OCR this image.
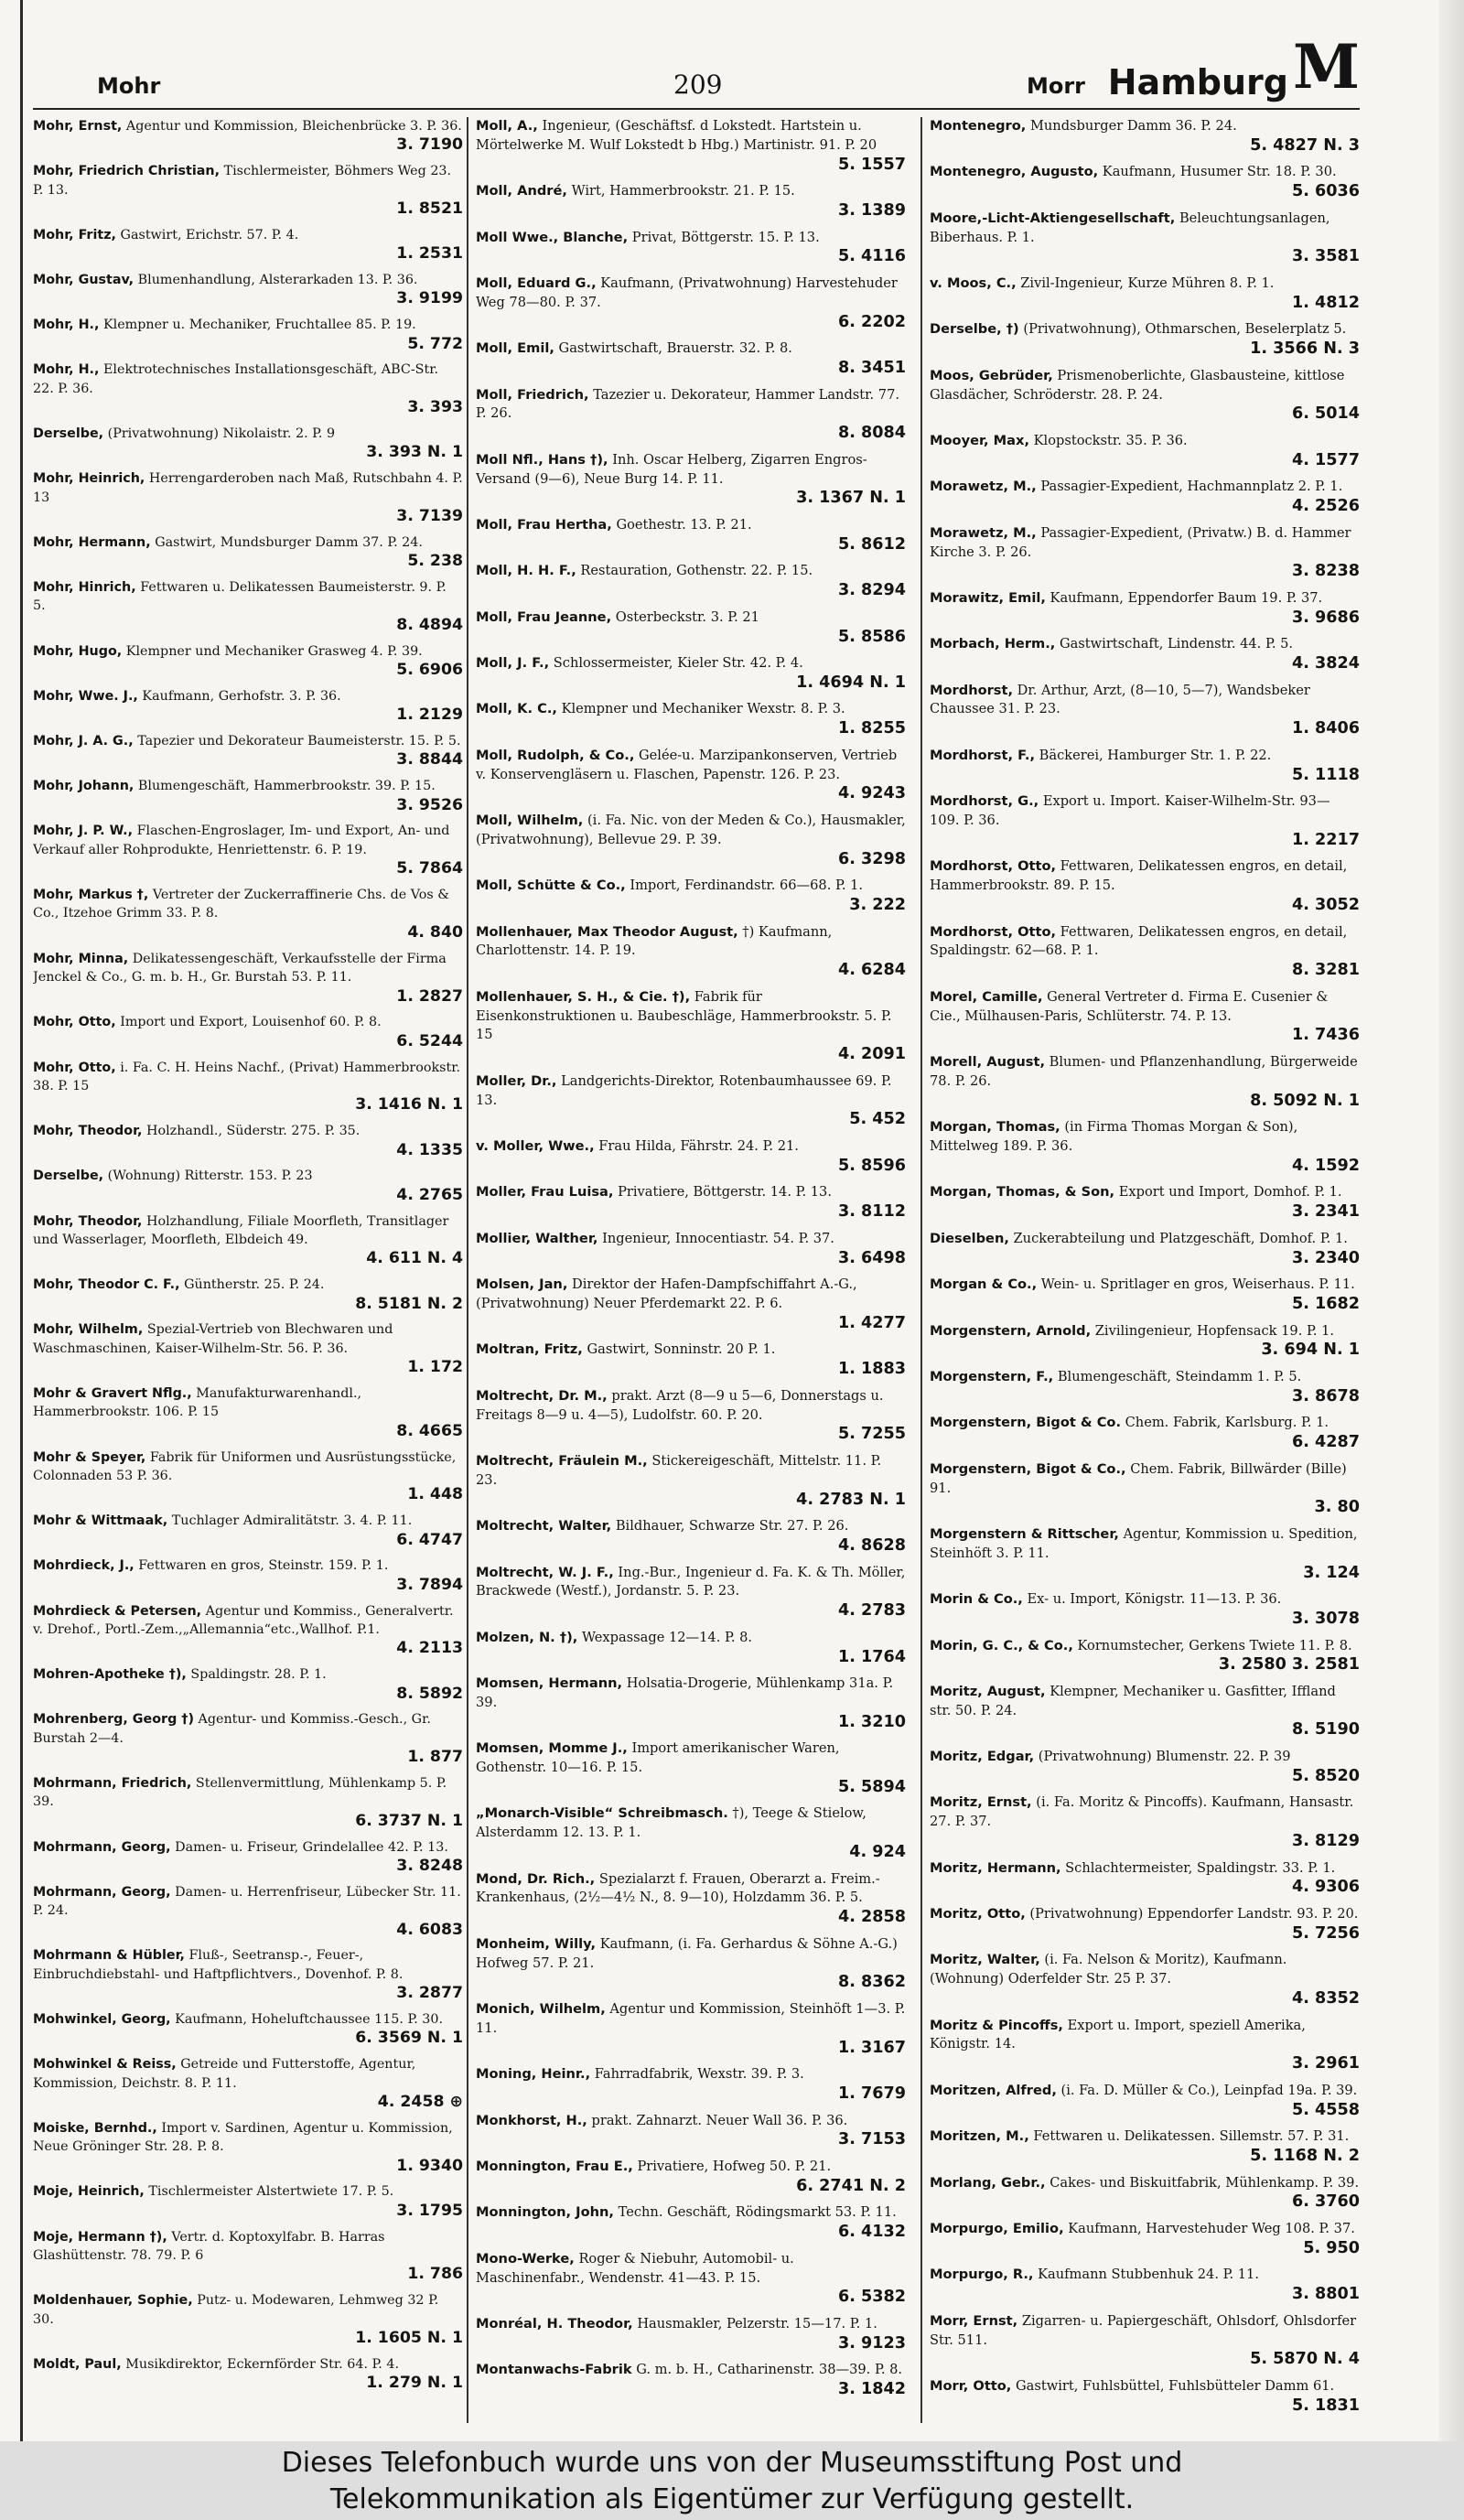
Mohr	209	Morr Hamburg M
Mohr, Ernst, Agentur und Kommission, Bleichenbrücke 3. P. 36.
3. 7190
Mohr, Friedrich Christian, Tischlermeister, Böhmers Weg 23. P. 13.
1. 8521
Mohr, Fritz, Gastwirt, Erichstr. 57. P. 4.
1. 2531
Mohr, Gustav, Blumenhandlung, Alsterarkaden 13. P. 36.
3. 9199
Mohr, H., Klempner u. Mechaniker, Fruchtallee 85. P. 19.
5. 772
Mohr, H., Elektrotechnisches Installationsgeschäft, ABC-Str. 22. P. 36.
3. 393
Derselbe, (Privatwohnung) Nikolaistr. 2. P. 9
3. 393 N. 1
Mohr, Heinrich, Herrengarderoben nach Maß, Rutschbahn 4. P. 13
3. 7139
Mohr, Hermann, Gastwirt, Mundsburger Damm 37. P. 24.
5. 238
Mohr, Hinrich, Fettwaren u. Delikatessen Baumeisterstr. 9. P. 5.
8. 4894
Mohr, Hugo, Klempner und Mechaniker Grasweg 4. P. 39.
5. 6906
Mohr, Wwe. J., Kaufmann, Gerhofstr. 3. P. 36.
1. 2129
Mohr, J. A. G., Tapezier und Dekorateur Baumeisterstr. 15. P. 5.
3. 8844
Mohr, Johann, Blumengeschäft, Hammerbrookstr. 39. P. 15.
3. 9526
Mohr, J. P. W., Flaschen-Engroslager, Im- und Export, An- und Verkauf aller Rohprodukte, Henriettenstr. 6. P. 19.
5. 7864
Mohr, Markus †, Vertreter der Zuckerraffinerie Chs. de Vos & Co., Itzehoe Grimm 33. P. 8.
4. 840
Mohr, Minna, Delikatessengeschäft, Verkaufsstelle der Firma Jenckel & Co., G. m. b. H., Gr. Burstah 53. P. 11.
1. 2827
Mohr, Otto, Import und Export, Louisenhof 60. P. 8.
6. 5244
Mohr, Otto, i. Fa. C. H. Heins Nachf., (Privat) Hammerbrookstr. 38. P. 15
3. 1416 N. 1
Mohr, Theodor, Holzhandl., Süderstr. 275. P. 35.
4. 1335
Derselbe, (Wohnung) Ritterstr. 153. P. 23
4. 2765
Mohr, Theodor, Holzhandlung, Filiale Moorfleth, Transitlager und Wasserlager, Moorfleth, Elbdeich 49.
4. 611 N. 4
Mohr, Theodor C. F., Güntherstr. 25. P. 24.
8. 5181 N. 2
Mohr, Wilhelm, Spezial-Vertrieb von Blechwaren und Waschmaschinen, Kaiser-Wilhelm-Str. 56. P. 36.
1. 172
Mohr & Gravert Nflg., Manufakturwarenhandl., Hammerbrookstr. 106. P. 15
8. 4665
Mohr & Speyer, Fabrik für Uniformen und Ausrüstungsstücke, Colonnaden 53 P. 36.
1. 448
Mohr & Wittmaak, Tuchlager Admiralitätstr. 3. 4. P. 11.
6. 4747
Mohrdieck, J., Fettwaren en gros, Steinstr. 159. P. 1.
3. 7894
Mohrdieck & Petersen, Agentur und Kommiss., Generalvertr. v. Drehof., Portl.-Zem.,„Allemannia“etc.,Wallhof. P.1.
4. 2113
Mohren-Apotheke †), Spaldingstr. 28. P. 1.
8. 5892
Mohrenberg, Georg †) Agentur- und Kommiss.-Gesch., Gr. Burstah 2—4.
1. 877
Mohrmann, Friedrich, Stellenvermittlung, Mühlenkamp 5. P. 39.
6. 3737 N. 1
Mohrmann, Georg, Damen- u. Friseur, Grindelallee 42. P. 13.
3. 8248
Mohrmann, Georg, Damen- u. Herrenfriseur, Lübecker Str. 11. P. 24.
4. 6083
Mohrmann & Hübler, Fluß-, Seetransp.-, Feuer-, Einbruchdiebstahl- und Haftpflichtvers., Dovenhof. P. 8.
3. 2877
Mohwinkel, Georg, Kaufmann, Hoheluftchaussee 115. P. 30.
6. 3569 N. 1
Mohwinkel & Reiss, Getreide und Futterstoffe, Agentur, Kommission, Deichstr. 8. P. 11.
4. 2458 ⊕
Moiske, Bernhd., Import v. Sardinen, Agentur u. Kommission, Neue Gröninger Str. 28. P. 8.
1. 9340
Moje, Heinrich, Tischlermeister Alstertwiete 17. P. 5.
3. 1795
Moje, Hermann †), Vertr. d. Koptoxylfabr. B. Harras Glashüttenstr. 78. 79. P. 6
1. 786
Moldenhauer, Sophie, Putz- u. Modewaren, Lehmweg 32 P. 30.
1. 1605 N. 1
Moldt, Paul, Musikdirektor, Eckernförder Str. 64. P. 4.
1. 279 N. 1
Moll, A., Ingenieur, (Geschäftsf. d Lokstedt. Hartstein u. Mörtelwerke M. Wulf Lokstedt b Hbg.) Martinistr. 91. P. 20
5. 1557
Moll, André, Wirt, Hammerbrookstr. 21. P. 15.
3. 1389
Moll Wwe., Blanche, Privat, Böttgerstr. 15. P. 13.
5. 4116
Moll, Eduard G., Kaufmann, (Privatwohnung) Harvestehuder Weg 78—80. P. 37.
6. 2202
Moll, Emil, Gastwirtschaft, Brauerstr. 32. P. 8.
8. 3451
Moll, Friedrich, Tazezier u. Dekorateur, Hammer Landstr. 77. P. 26.
8. 8084
Moll Nfl., Hans †), Inh. Oscar Helberg, Zigarren Engros-Versand (9—6), Neue Burg 14. P. 11.
3. 1367 N. 1
Moll, Frau Hertha, Goethestr. 13. P. 21.
5. 8612
Moll, H. H. F., Restauration, Gothenstr. 22. P. 15.
3. 8294
Moll, Frau Jeanne, Osterbeckstr. 3. P. 21
5. 8586
Moll, J. F., Schlossermeister, Kieler Str. 42. P. 4.
1. 4694 N. 1
Moll, K. C., Klempner und Mechaniker Wexstr. 8. P. 3.
1. 8255
Moll, Rudolph, & Co., Gelée-u. Marzipankonserven, Vertrieb v. Konservengläsern u. Flaschen, Papenstr. 126. P. 23.
4. 9243
Moll, Wilhelm, (i. Fa. Nic. von der Meden & Co.), Hausmakler, (Privatwohnung), Bellevue 29. P. 39.
6. 3298
Moll, Schütte & Co., Import, Ferdinandstr. 66—68. P. 1.
3. 222
Mollenhauer, Max Theodor August, †) Kaufmann, Charlottenstr. 14. P. 19.
4. 6284
Mollenhauer, S. H., & Cie. †), Fabrik für Eisenkonstruktionen u. Baubeschläge, Hammerbrookstr. 5. P. 15
4. 2091
Moller, Dr., Landgerichts-Direktor, Rotenbaumhaussee 69. P. 13.
5. 452
v. Moller, Wwe., Frau Hilda, Fährstr. 24. P. 21.
5. 8596
Moller, Frau Luisa, Privatiere, Böttgerstr. 14. P. 13.
3. 8112
Mollier, Walther, Ingenieur, Innocentiastr. 54. P. 37.
3. 6498
Molsen, Jan, Direktor der Hafen-Dampfschiffahrt A.-G., (Privatwohnung) Neuer Pferdemarkt 22. P. 6.
1. 4277
Moltran, Fritz, Gastwirt, Sonninstr. 20 P. 1.
1. 1883
Moltrecht, Dr. M., prakt. Arzt (8—9 u 5—6, Donnerstags u. Freitags 8—9 u. 4—5), Ludolfstr. 60. P. 20.
5. 7255
Moltrecht, Fräulein M., Stickereigeschäft, Mittelstr. 11. P. 23.
4. 2783 N. 1
Moltrecht, Walter, Bildhauer, Schwarze Str. 27. P. 26.
4. 8628
Moltrecht, W. J. F., Ing.-Bur., Ingenieur d. Fa. K. & Th. Möller, Brackwede (Westf.), Jordanstr. 5. P. 23.
4. 2783
Molzen, N. †), Wexpassage 12—14. P. 8.
1. 1764
Momsen, Hermann, Holsatia-Drogerie, Mühlenkamp 31a. P. 39.
1. 3210
Momsen, Momme J., Import amerikanischer Waren, Gothenstr. 10—16. P. 15.
5. 5894
„Monarch-Visible“ Schreibmasch. †), Teege & Stielow, Alsterdamm 12. 13. P. 1.
4. 924
Mond, Dr. Rich., Spezialarzt f. Frauen, Oberarzt a. Freim.-Krankenhaus, (2½—4½ N., 8. 9—10), Holzdamm 36. P. 5.
4. 2858
Monheim, Willy, Kaufmann, (i. Fa. Gerhardus & Söhne A.-G.) Hofweg 57. P. 21.
8. 8362
Monich, Wilhelm, Agentur und Kommission, Steinhöft 1—3. P. 11.
1. 3167
Moning, Heinr., Fahrradfabrik, Wexstr. 39. P. 3.
1. 7679
Monkhorst, H., prakt. Zahnarzt. Neuer Wall 36. P. 36.
3. 7153
Monnington, Frau E., Privatiere, Hofweg 50. P. 21.
6. 2741 N. 2
Monnington, John, Techn. Geschäft, Rödingsmarkt 53. P. 11.
6. 4132
Mono-Werke, Roger & Niebuhr, Automobil- u. Maschinenfabr., Wendenstr. 41—43. P. 15.
6. 5382
Monréal, H. Theodor, Hausmakler, Pelzerstr. 15—17. P. 1.
3. 9123
Montanwachs-Fabrik G. m. b. H., Catharinenstr. 38—39. P. 8.
3. 1842
Montenegro, Mundsburger Damm 36. P. 24.
5. 4827 N. 3
Montenegro, Augusto, Kaufmann, Husumer Str. 18. P. 30.
5. 6036
Moore,-Licht-Aktiengesellschaft, Beleuchtungsanlagen, Biberhaus. P. 1.
3. 3581
v. Moos, C., Zivil-Ingenieur, Kurze Mühren 8. P. 1.
1. 4812
Derselbe, †) (Privatwohnung), Othmarschen, Beselerplatz 5.
1. 3566 N. 3
Moos, Gebrüder, Prismenoberlichte, Glasbausteine, kittlose Glasdächer, Schröderstr. 28. P. 24.
6. 5014
Mooyer, Max, Klopstockstr. 35. P. 36.
4. 1577
Morawetz, M., Passagier-Expedient, Hachmannplatz 2. P. 1.
4. 2526
Morawetz, M., Passagier-Expedient, (Privatw.) B. d. Hammer Kirche 3. P. 26.
3. 8238
Morawitz, Emil, Kaufmann, Eppendorfer Baum 19. P. 37.
3. 9686
Morbach, Herm., Gastwirtschaft, Lindenstr. 44. P. 5.
4. 3824
Mordhorst, Dr. Arthur, Arzt, (8—10, 5—7), Wandsbeker Chaussee 31. P. 23.
1. 8406
Mordhorst, F., Bäckerei, Hamburger Str. 1. P. 22.
5. 1118
Mordhorst, G., Export u. Import. Kaiser-Wilhelm-Str. 93—109. P. 36.
1. 2217
Mordhorst, Otto, Fettwaren, Delikatessen engros, en detail, Hammerbrookstr. 89. P. 15.
4. 3052
Mordhorst, Otto, Fettwaren, Delikatessen engros, en detail, Spaldingstr. 62—68. P. 1.
8. 3281
Morel, Camille, General Vertreter d. Firma E. Cusenier & Cie., Mülhausen-Paris, Schlüterstr. 74. P. 13.
1. 7436
Morell, August, Blumen- und Pflanzenhandlung, Bürgerweide 78. P. 26.
8. 5092 N. 1
Morgan, Thomas, (in Firma Thomas Morgan & Son), Mittelweg 189. P. 36.
4. 1592
Morgan, Thomas, & Son, Export und Import, Domhof. P. 1.
3. 2341
Dieselben, Zuckerabteilung und Platzgeschäft, Domhof. P. 1.
3. 2340
Morgan & Co., Wein- u. Spritlager en gros, Weiserhaus. P. 11.
5. 1682
Morgenstern, Arnold, Zivilingenieur, Hopfensack 19. P. 1.
3. 694 N. 1
Morgenstern, F., Blumengeschäft, Steindamm 1. P. 5.
3. 8678
Morgenstern, Bigot & Co. Chem. Fabrik, Karlsburg. P. 1.
6. 4287
Morgenstern, Bigot & Co., Chem. Fabrik, Billwärder (Bille) 91.
3. 80
Morgenstern & Rittscher, Agentur, Kommission u. Spedition, Steinhöft 3. P. 11.
3. 124
Morin & Co., Ex- u. Import, Königstr. 11—13. P. 36.
3. 3078
Morin, G. C., & Co., Kornumstecher, Gerkens Twiete 11. P. 8.
3. 2580 3. 2581
Moritz, August, Klempner, Mechaniker u. Gasfitter, Iffland str. 50. P. 24.
8. 5190
Moritz, Edgar, (Privatwohnung) Blumenstr. 22. P. 39
5. 8520
Moritz, Ernst, (i. Fa. Moritz & Pincoffs). Kaufmann, Hansastr. 27. P. 37.
3. 8129
Moritz, Hermann, Schlachtermeister, Spaldingstr. 33. P. 1.
4. 9306
Moritz, Otto, (Privatwohnung) Eppendorfer Landstr. 93. P. 20.
5. 7256
Moritz, Walter, (i. Fa. Nelson & Moritz), Kaufmann. (Wohnung) Oderfelder Str. 25 P. 37.
4. 8352
Moritz & Pincoffs, Export u. Import, speziell Amerika, Königstr. 14.
3. 2961
Moritzen, Alfred, (i. Fa. D. Müller & Co.), Leinpfad 19a. P. 39.
5. 4558
Moritzen, M., Fettwaren u. Delikatessen. Sillemstr. 57. P. 31.
5. 1168 N. 2
Morlang, Gebr., Cakes- und Biskuitfabrik, Mühlenkamp. P. 39.
6. 3760
Morpurgo, Emilio, Kaufmann, Harvestehuder Weg 108. P. 37.
5. 950
Morpurgo, R., Kaufmann Stubbenhuk 24. P. 11.
3. 8801
Morr, Ernst, Zigarren- u. Papiergeschäft, Ohlsdorf, Ohlsdorfer Str. 511.
5. 5870 N. 4
Morr, Otto, Gastwirt, Fuhlsbüttel, Fuhlsbütteler Damm 61.
5. 1831
Dieses Telefonbuch wurde uns von der Museumsstiftung Post und
Telekommunikation als Eigentümer zur Verfügung gestellt.
